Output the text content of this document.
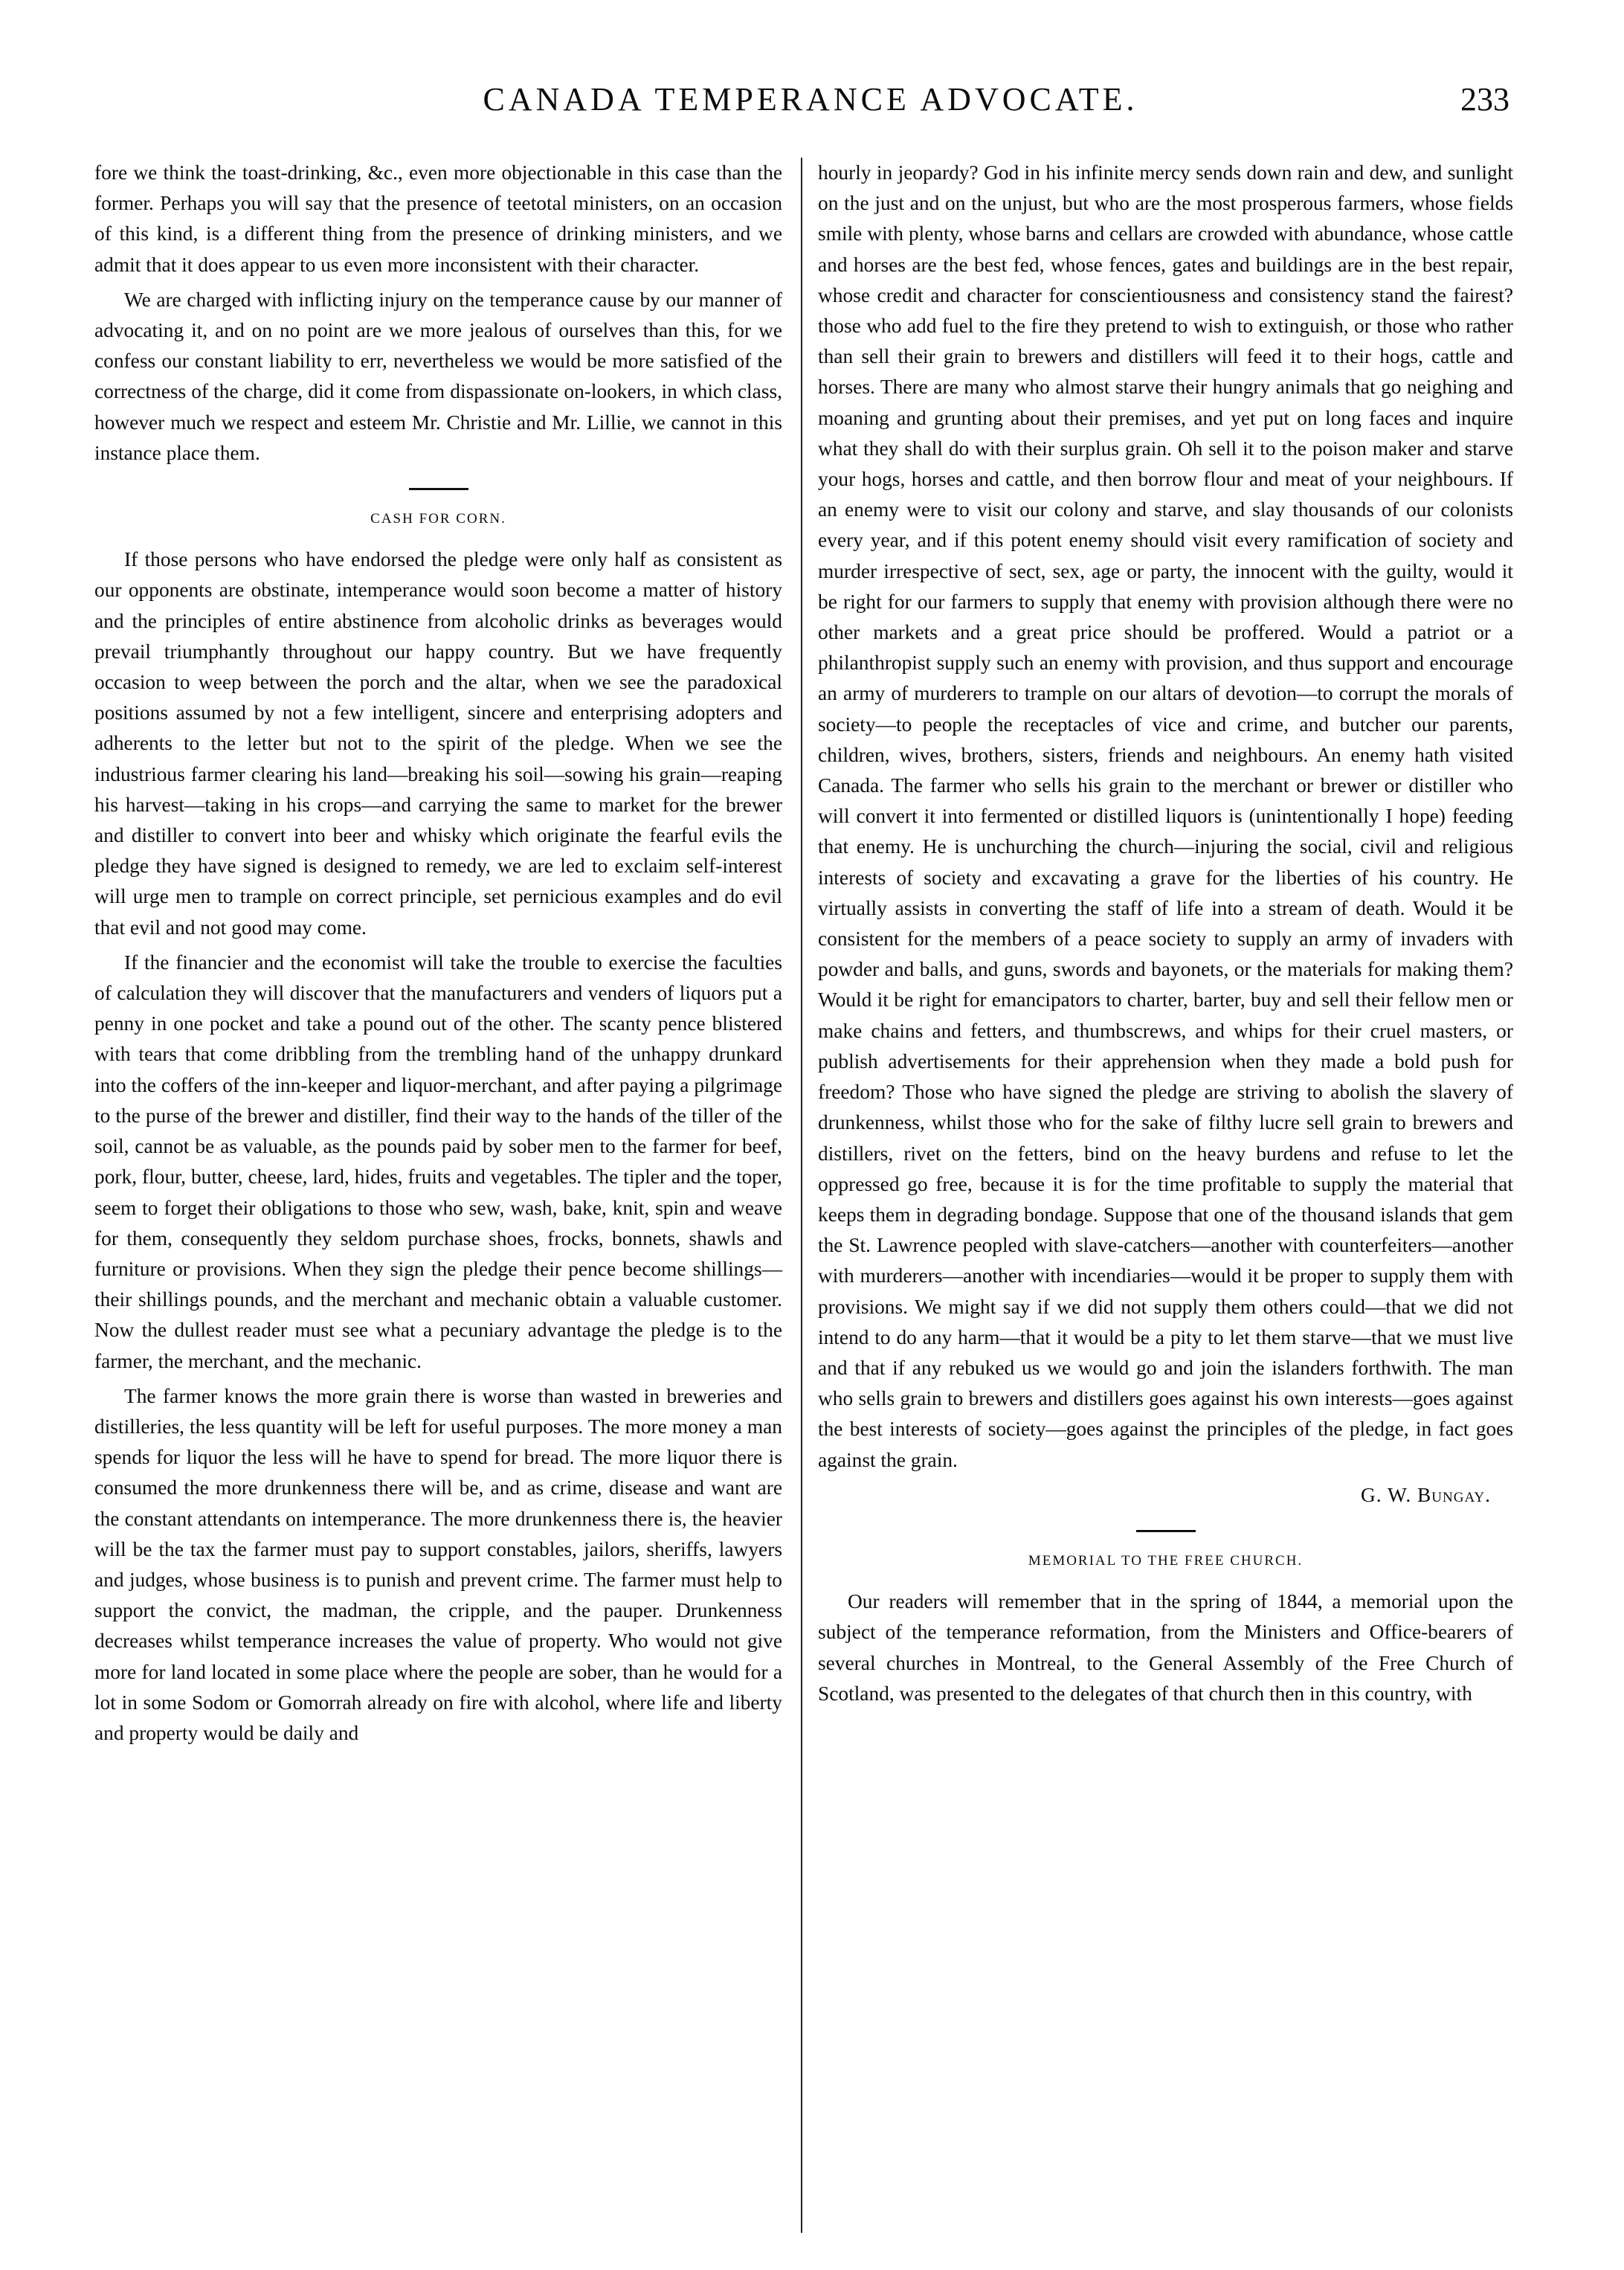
CANADA TEMPERANCE ADVOCATE.	233

fore we think the toast-drinking, &c., even more objectionable in this case than the former. Perhaps you will say that the presence of teetotal ministers, on an occasion of this kind, is a different thing from the presence of drinking ministers, and we admit that it does appear to us even more inconsistent with their character.

We are charged with inflicting injury on the temperance cause by our manner of advocating it, and on no point are we more jealous of ourselves than this, for we confess our constant liability to err, nevertheless we would be more satisfied of the correctness of the charge, did it come from dispassionate on-lookers, in which class, however much we respect and esteem Mr. Christie and Mr. Lillie, we cannot in this instance place them.

CASH FOR CORN.

If those persons who have endorsed the pledge were only half as consistent as our opponents are obstinate, intemperance would soon become a matter of history and the principles of entire abstinence from alcoholic drinks as beverages would prevail triumphantly throughout our happy country. But we have frequently occasion to weep between the porch and the altar, when we see the paradoxical positions assumed by not a few intelligent, sincere and enterprising adopters and adherents to the letter but not to the spirit of the pledge. When we see the industrious farmer clearing his land—breaking his soil—sowing his grain—reaping his harvest—taking in his crops—and carrying the same to market for the brewer and distiller to convert into beer and whisky which originate the fearful evils the pledge they have signed is designed to remedy, we are led to exclaim self-interest will urge men to trample on correct principle, set pernicious examples and do evil that evil and not good may come.

If the financier and the economist will take the trouble to exercise the faculties of calculation they will discover that the manufacturers and venders of liquors put a penny in one pocket and take a pound out of the other. The scanty pence blistered with tears that come dribbling from the trembling hand of the unhappy drunkard into the coffers of the inn-keeper and liquor-merchant, and after paying a pilgrimage to the purse of the brewer and distiller, find their way to the hands of the tiller of the soil, cannot be as valuable, as the pounds paid by sober men to the farmer for beef, pork, flour, butter, cheese, lard, hides, fruits and vegetables. The tipler and the toper, seem to forget their obligations to those who sew, wash, bake, knit, spin and weave for them, consequently they seldom purchase shoes, frocks, bonnets, shawls and furniture or provisions. When they sign the pledge their pence become shillings—their shillings pounds, and the merchant and mechanic obtain a valuable customer. Now the dullest reader must see what a pecuniary advantage the pledge is to the farmer, the merchant, and the mechanic.

The farmer knows the more grain there is worse than wasted in breweries and distilleries, the less quantity will be left for useful purposes. The more money a man spends for liquor the less will he have to spend for bread. The more liquor there is consumed the more drunkenness there will be, and as crime, disease and want are the constant attendants on intemperance. The more drunkenness there is, the heavier will be the tax the farmer must pay to support constables, jailors, sheriffs, lawyers and judges, whose business is to punish and prevent crime. The farmer must help to support the convict, the madman, the cripple, and the pauper. Drunkenness decreases whilst temperance increases the value of property. Who would not give more for land located in some place where the people are sober, than he would for a lot in some Sodom or Gomorrah already on fire with alcohol, where life and liberty and property would be daily and

hourly in jeopardy? God in his infinite mercy sends down rain and dew, and sunlight on the just and on the unjust, but who are the most prosperous farmers, whose fields smile with plenty, whose barns and cellars are crowded with abundance, whose cattle and horses are the best fed, whose fences, gates and buildings are in the best repair, whose credit and character for conscientiousness and consistency stand the fairest? those who add fuel to the fire they pretend to wish to extinguish, or those who rather than sell their grain to brewers and distillers will feed it to their hogs, cattle and horses. There are many who almost starve their hungry animals that go neighing and moaning and grunting about their premises, and yet put on long faces and inquire what they shall do with their surplus grain. Oh sell it to the poison maker and starve your hogs, horses and cattle, and then borrow flour and meat of your neighbours. If an enemy were to visit our colony and starve, and slay thousands of our colonists every year, and if this potent enemy should visit every ramification of society and murder irrespective of sect, sex, age or party, the innocent with the guilty, would it be right for our farmers to supply that enemy with provision although there were no other markets and a great price should be proffered. Would a patriot or a philanthropist supply such an enemy with provision, and thus support and encourage an army of murderers to trample on our altars of devotion—to corrupt the morals of society—to people the receptacles of vice and crime, and butcher our parents, children, wives, brothers, sisters, friends and neighbours. An enemy hath visited Canada. The farmer who sells his grain to the merchant or brewer or distiller who will convert it into fermented or distilled liquors is (unintentionally I hope) feeding that enemy. He is unchurching the church—injuring the social, civil and religious interests of society and excavating a grave for the liberties of his country. He virtually assists in converting the staff of life into a stream of death. Would it be consistent for the members of a peace society to supply an army of invaders with powder and balls, and guns, swords and bayonets, or the materials for making them? Would it be right for emancipators to charter, barter, buy and sell their fellow men or make chains and fetters, and thumbscrews, and whips for their cruel masters, or publish advertisements for their apprehension when they made a bold push for freedom? Those who have signed the pledge are striving to abolish the slavery of drunkenness, whilst those who for the sake of filthy lucre sell grain to brewers and distillers, rivet on the fetters, bind on the heavy burdens and refuse to let the oppressed go free, because it is for the time profitable to supply the material that keeps them in degrading bondage. Suppose that one of the thousand islands that gem the St. Lawrence peopled with slave-catchers—another with counterfeiters—another with murderers—another with incendiaries—would it be proper to supply them with provisions. We might say if we did not supply them others could—that we did not intend to do any harm—that it would be a pity to let them starve—that we must live and that if any rebuked us we would go and join the islanders forthwith. The man who sells grain to brewers and distillers goes against his own interests—goes against the best interests of society—goes against the principles of the pledge, in fact goes against the grain.

G. W. Bungay.
MEMORIAL TO THE FREE CHURCH.

Our readers will remember that in the spring of 1844, a memorial upon the subject of the temperance reformation, from the Ministers and Office-bearers of several churches in Montreal, to the General Assembly of the Free Church of Scotland, was presented to the delegates of that church then in this country, with
